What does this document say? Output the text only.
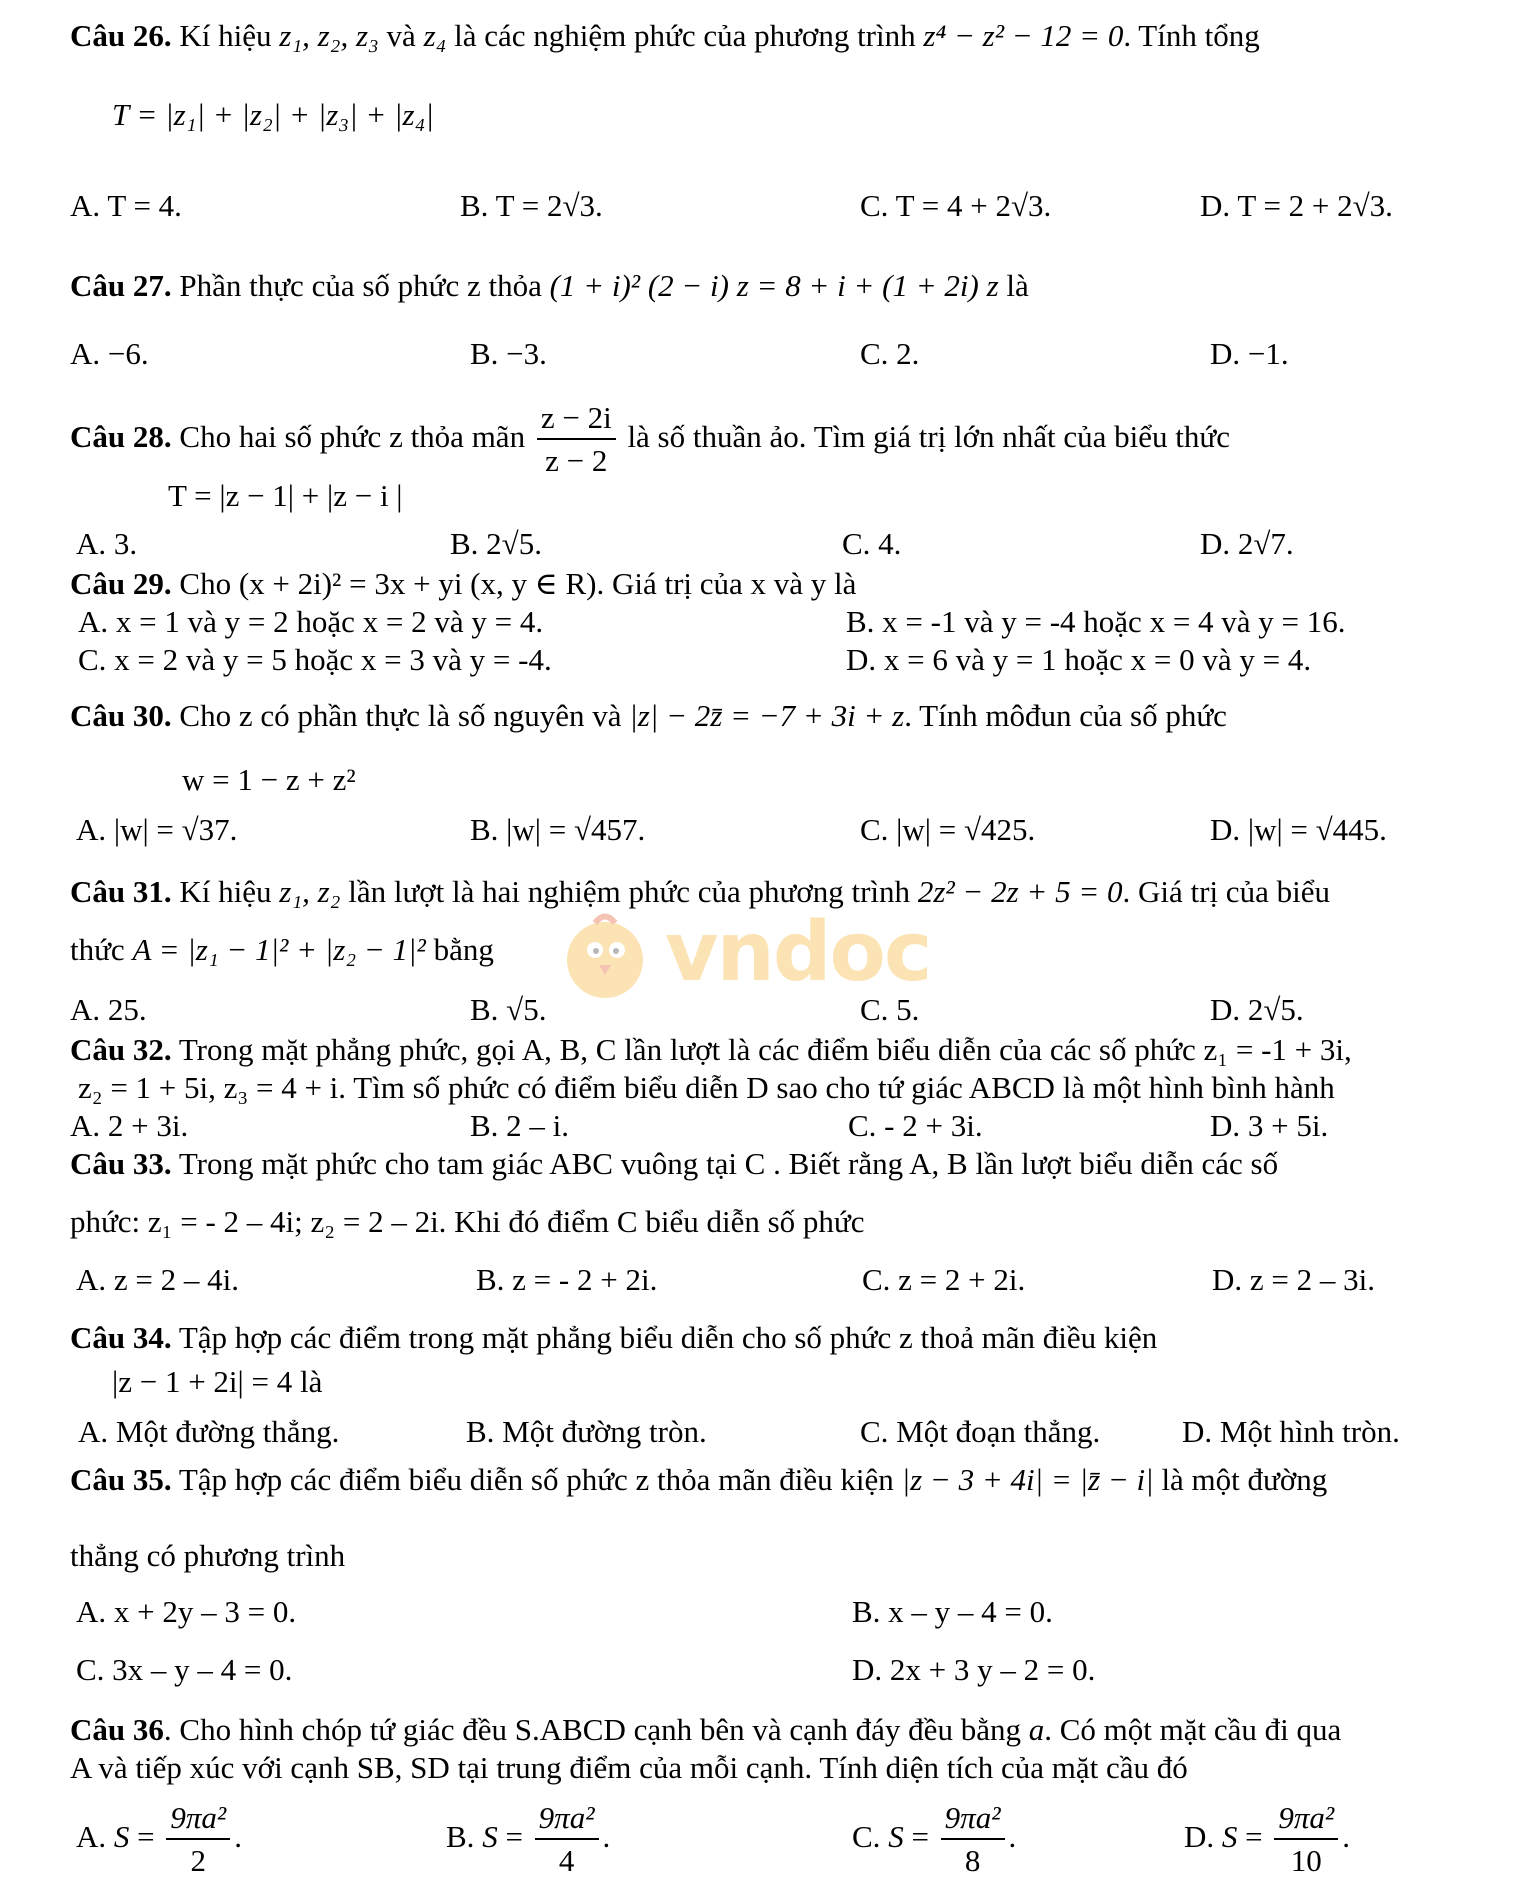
vndoc
Câu 26. Kí hiệu z₁, z₂, z₃ và z₄ là các nghiệm phức của phương trình z⁴ − z² − 12 = 0. Tính tổng
T = |z₁| + |z₂| + |z₃| + |z₄|
A. T = 4.	B. T = 2√3.	C. T = 4 + 2√3.	D. T = 2 + 2√3.
Câu 27. Phần thực của số phức z thỏa (1 + i)² (2 − i) z = 8 + i + (1 + 2i) z là
A. −6.	B. −3.	C. 2.	D. −1.
Câu 28. Cho hai số phức z thỏa mãn $\frac{z - 2i}{z - 2}$ là số thuần ảo. Tìm giá trị lớn nhất của biểu thức
T = |z − 1| + |z − i |
A. 3.	B. 2√5.	C. 4.	D. 2√7.
Câu 29. Cho (x + 2i)² = 3x + yi (x, y ∈ R). Giá trị của x và y là
A. x = 1 và y = 2 hoặc x = 2 và y = 4.	B. x = -1 và y = -4 hoặc x = 4 và y = 16.
C. x = 2 và y = 5 hoặc x = 3 và y = -4.	D. x = 6 và y = 1 hoặc x = 0 và y = 4.
Câu 30. Cho z có phần thực là số nguyên và |z| − 2z̄ = −7 + 3i + z. Tính môđun của số phức
w = 1 − z + z²
A. |w| = √37.	B. |w| = √457.	C. |w| = √425.	D. |w| = √445.
Câu 31. Kí hiệu z₁, z₂ lần lượt là hai nghiệm phức của phương trình 2z² − 2z + 5 = 0. Giá trị của biểu
thức A = |z₁ − 1|² + |z₂ − 1|² bằng
A. 25.	B. √5.	C. 5.	D. 2√5.
Câu 32. Trong mặt phẳng phức, gọi A, B, C lần lượt là các điểm biểu diễn của các số phức z₁ = -1 + 3i,
z₂ = 1 + 5i, z₃ = 4 + i. Tìm số phức có điểm biểu diễn D sao cho tứ giác ABCD là một hình bình hành
A. 2 + 3i.	B. 2 – i.	C. - 2 + 3i.	D. 3 + 5i.
Câu 33. Trong mặt phức cho tam giác ABC vuông tại C . Biết rằng A, B lần lượt biểu diễn các số
phức: z₁ = - 2 – 4i; z₂ = 2 – 2i. Khi đó điểm C biểu diễn số phức
A. z = 2 – 4i.	B. z = - 2 + 2i.	C. z = 2 + 2i.	D. z = 2 – 3i.
Câu 34. Tập hợp các điểm trong mặt phẳng biểu diễn cho số phức z thoả mãn điều kiện
|z − 1 + 2i| = 4 là
A. Một đường thẳng.	B. Một đường tròn.	C. Một đoạn thẳng.	D. Một hình tròn.
Câu 35. Tập hợp các điểm biểu diễn số phức z thỏa mãn điều kiện |z − 3 + 4i| = |z̄ − i| là một đường
thẳng có phương trình
A. x + 2y – 3 = 0.	B. x – y – 4 = 0.
C. 3x – y – 4 = 0.	D. 2x + 3 y – 2 = 0.
Câu 36. Cho hình chóp tứ giác đều S.ABCD cạnh bên và cạnh đáy đều bằng a. Có một mặt cầu đi qua
A và tiếp xúc với cạnh SB, SD tại trung điểm của mỗi cạnh. Tính diện tích của mặt cầu đó
A. $S = \frac{\text{9πa²}}{2}$ .	B. $S = \frac{\text{9πa²}}{4}$ .	C. $S = \frac{\text{9πa²}}{8}$ .	D. $S = \frac{\text{9πa²}}{10}$ .
